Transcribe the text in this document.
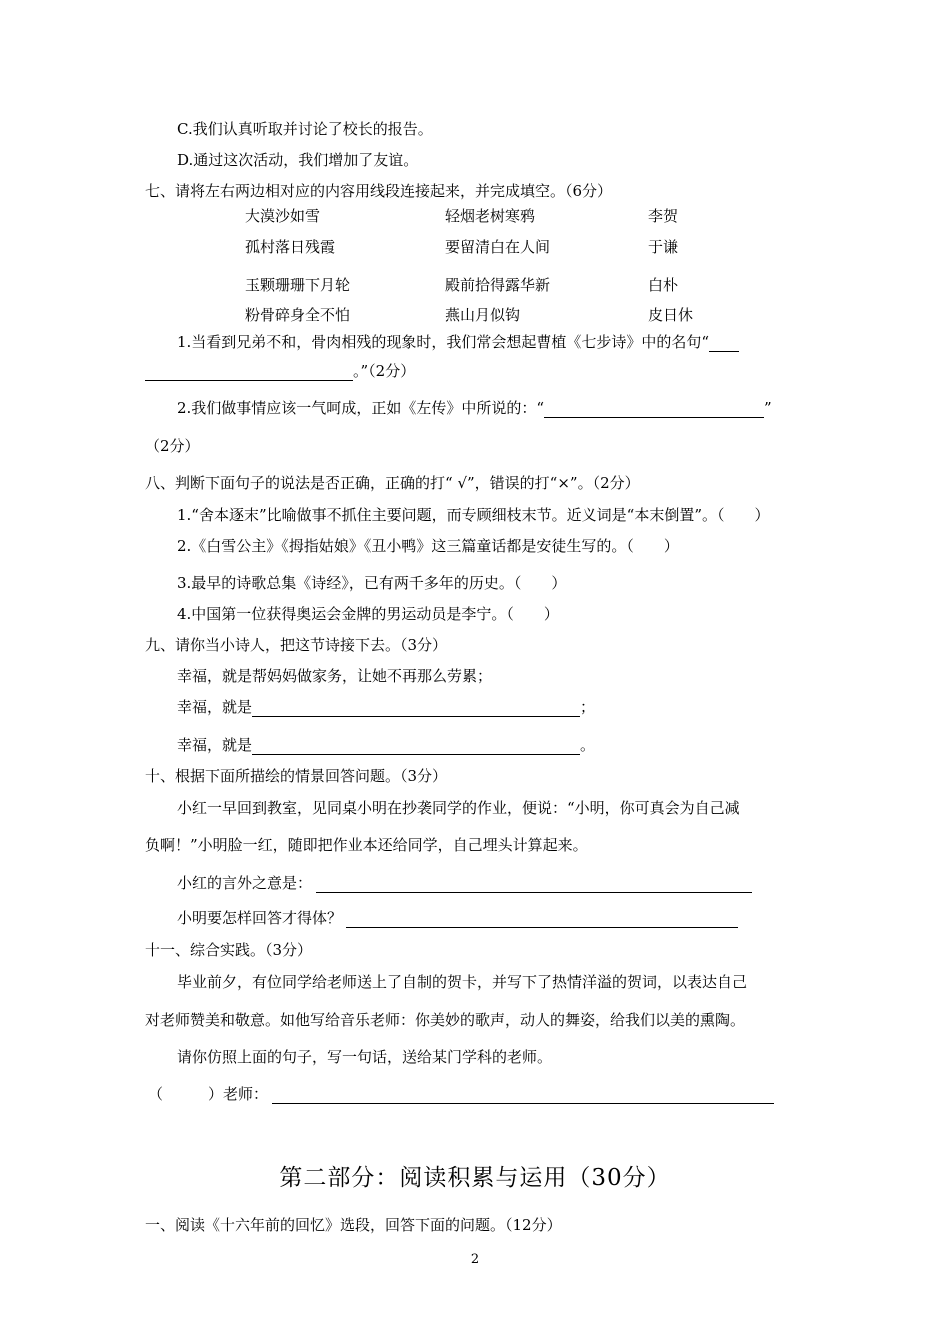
C.我们认真听取并讨论了校长的报告。
D.通过这次活动，我们增加了友谊。
七、请将左右两边相对应的内容用线段连接起来，并完成填空。（6分）
大漠沙如雪	轻烟老树寒鸦	李贺
孤村落日残霞	要留清白在人间	于谦
玉颗珊珊下月轮	殿前拾得露华新	白朴
粉骨碎身全不怕	燕山月似钩	皮日休
1.当看到兄弟不和，骨肉相残的现象时，我们常会想起曹植《七步诗》中的名句“
。”（2分）
2.我们做事情应该一气呵成，正如《左传》中所说的：“	”
（2分）
八、判断下面句子的说法是否正确，正确的打“ √”，错误的打“×”。（2分）
1.“舍本逐末”比喻做事不抓住主要问题，而专顾细枝末节。近义词是“本末倒置”。（　　）
2.《白雪公主》《拇指姑娘》《丑小鸭》这三篇童话都是安徒生写的。（　　）
3.最早的诗歌总集《诗经》，已有两千多年的历史。（　　）
4.中国第一位获得奥运会金牌的男运动员是李宁。（　　）
九、请你当小诗人，把这节诗接下去。（3分）
幸福，就是帮妈妈做家务，让她不再那么劳累；
幸福，就是	；
幸福，就是	。
十、根据下面所描绘的情景回答问题。（3分）
小红一早回到教室，见同桌小明在抄袭同学的作业，便说：“小明，你可真会为自己减
负啊！”小明脸一红，随即把作业本还给同学，自己埋头计算起来。
小红的言外之意是：
小明要怎样回答才得体？
十一、综合实践。（3分）
毕业前夕，有位同学给老师送上了自制的贺卡，并写下了热情洋溢的贺词，以表达自己
对老师赞美和敬意。如他写给音乐老师：你美妙的歌声，动人的舞姿，给我们以美的熏陶。
请你仿照上面的句子，写一句话，送给某门学科的老师。
（　　　）老师：
第二部分：阅读积累与运用（30分）
一、阅读《十六年前的回忆》选段，回答下面的问题。（12分）
2
